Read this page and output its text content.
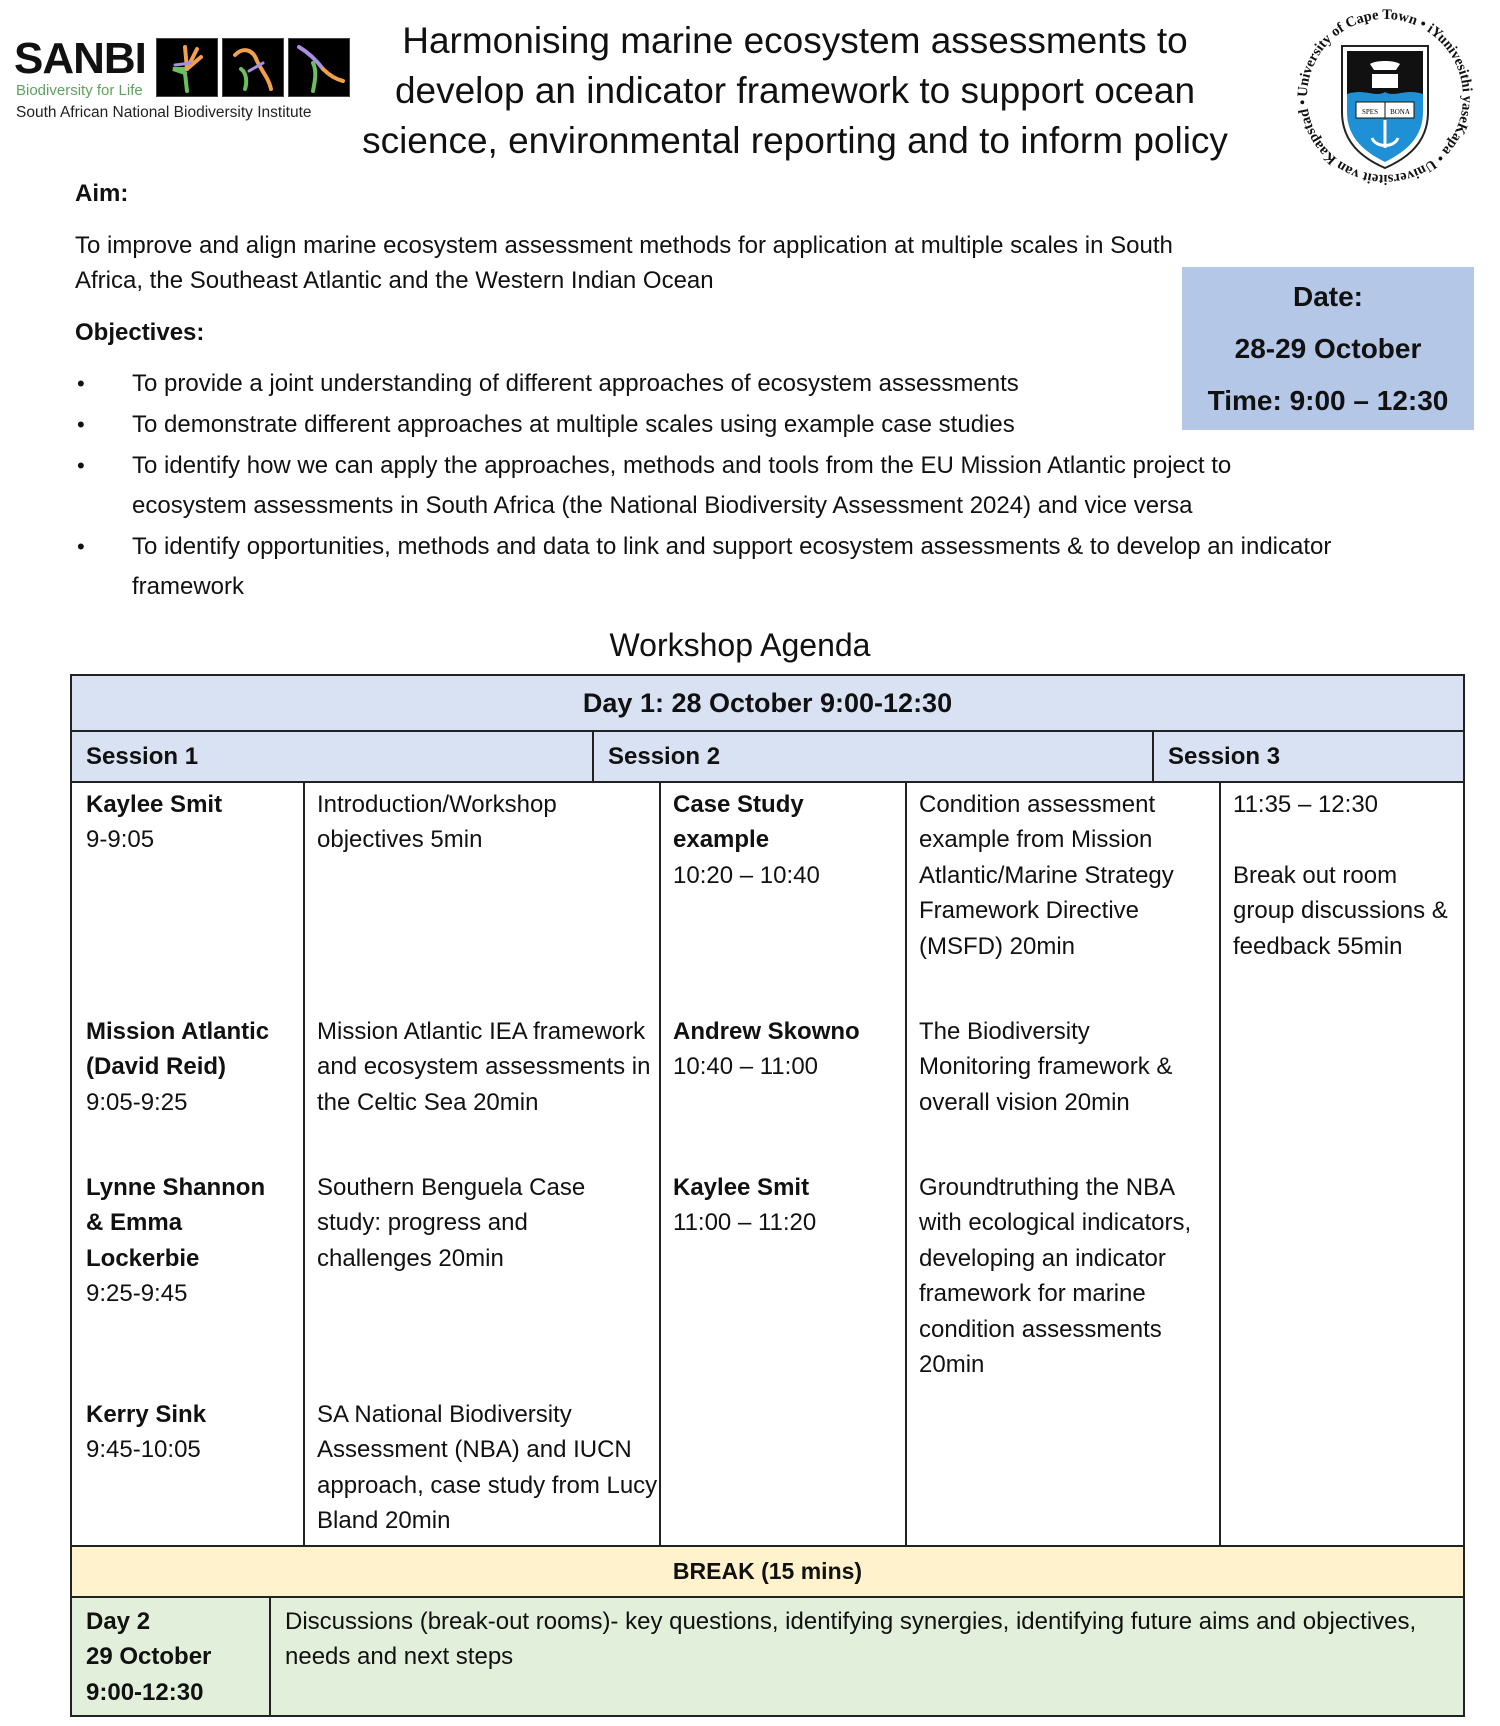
SANBI
Biodiversity for Life
South African National Biodiversity Institute
Harmonising marine ecosystem assessments to
develop an indicator framework to support ocean
science, environmental reporting and to inform policy
University of Cape Town • iYunivesithi yaseKapa • Universiteit van Kaapstad •
SPES BONA
Aim:
To improve and align marine ecosystem assessment methods for application at multiple scales in South Africa, the Southeast Atlantic and the Western Indian Ocean
Objectives:
• To provide a joint understanding of different approaches of ecosystem assessments
• To demonstrate different approaches at multiple scales using example case studies
• To identify how we can apply the approaches, methods and tools from the EU Mission Atlantic project to ecosystem assessments in South Africa (the National Biodiversity Assessment 2024) and vice versa
• To identify opportunities, methods and data to link and support ecosystem assessments & to develop an indicator framework
Date:
28-29 October
Time: 9:00 – 12:30
Workshop Agenda
Day 1: 28 October 9:00-12:30
Session 1	Session 2	Session 3
Kaylee Smit
9-9:05
Introduction/Workshop objectives 5min
Mission Atlantic (David Reid)
9:05-9:25
Mission Atlantic IEA framework and ecosystem assessments in the Celtic Sea 20min
Lynne Shannon & Emma Lockerbie
9:25-9:45
Southern Benguela Case study: progress and challenges 20min
Kerry Sink
9:45-10:05
SA National Biodiversity Assessment (NBA) and IUCN approach, case study from Lucy Bland 20min
Case Study example
10:20 – 10:40
Condition assessment example from Mission Atlantic/Marine Strategy Framework Directive (MSFD) 20min
Andrew Skowno
10:40 – 11:00
The Biodiversity Monitoring framework & overall vision 20min
Kaylee Smit
11:00 – 11:20
Groundtruthing the NBA with ecological indicators, developing an indicator framework for marine condition assessments 20min
11:35 – 12:30

Break out room group discussions & feedback 55min
BREAK (15 mins)
Day 2
29 October
9:00-12:30
Discussions (break-out rooms)- key questions, identifying synergies, identifying future aims and objectives, needs and next steps
